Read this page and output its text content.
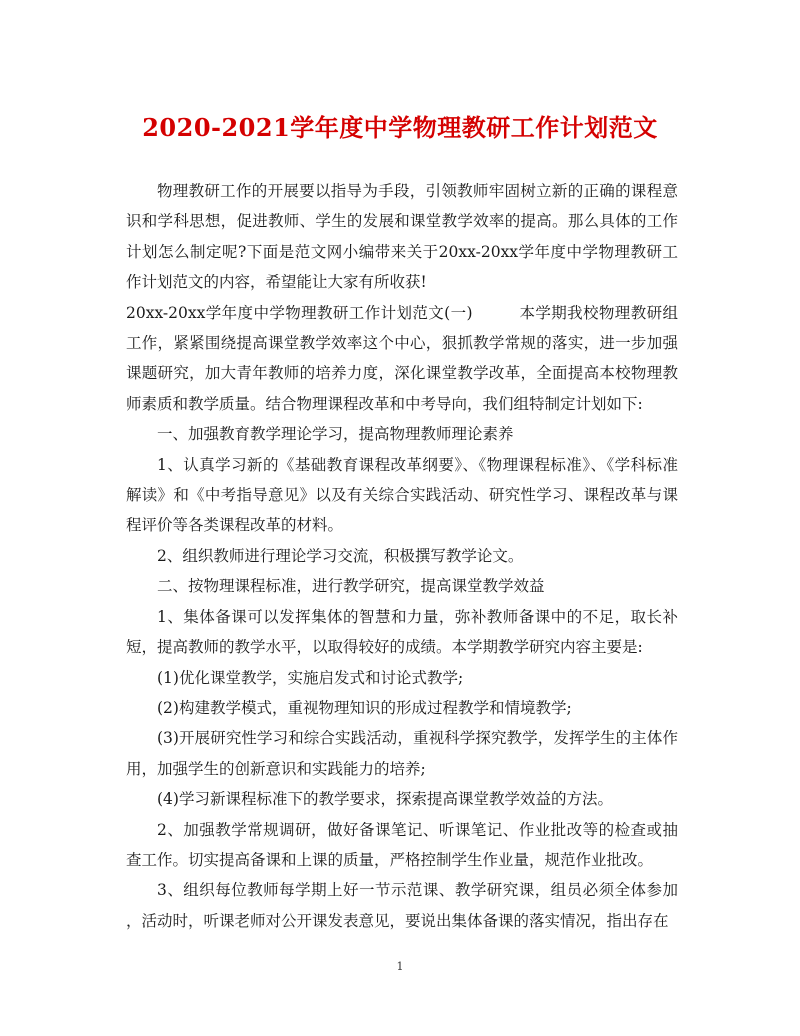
2020-2021学年度中学物理教研工作计划范文

物理教研工作的开展要以指导为手段，引领教师牢固树立新的正确的课程意识和学科思想，促进教师、学生的发展和课堂教学效率的提高。那么具体的工作计划怎么制定呢?下面是范文网小编带来关于20xx-20xx学年度中学物理教研工作计划范文的内容，希望能让大家有所收获!

20xx-20xx学年度中学物理教研工作计划范文(一)	本学期我校物理教研组工作，紧紧围绕提高课堂教学效率这个中心，狠抓教学常规的落实，进一步加强课题研究，加大青年教师的培养力度，深化课堂教学改革，全面提高本校物理教师素质和教学质量。结合物理课程改革和中考导向，我们组特制定计划如下:

一、加强教育教学理论学习，提高物理教师理论素养

1、认真学习新的《基础教育课程改革纲要》、《物理课程标准》、《学科标准解读》和《中考指导意见》以及有关综合实践活动、研究性学习、课程改革与课程评价等各类课程改革的材料。

2、组织教师进行理论学习交流，积极撰写教学论文。

二、按物理课程标准，进行教学研究，提高课堂教学效益

1、集体备课可以发挥集体的智慧和力量，弥补教师备课中的不足，取长补短，提高教师的教学水平，以取得较好的成绩。本学期教学研究内容主要是:

(1)优化课堂教学，实施启发式和讨论式教学;

(2)构建教学模式，重视物理知识的形成过程教学和情境教学;

(3)开展研究性学习和综合实践活动，重视科学探究教学，发挥学生的主体作用，加强学生的创新意识和实践能力的培养;

(4)学习新课程标准下的教学要求，探索提高课堂教学效益的方法。

2、加强教学常规调研，做好备课笔记、听课笔记、作业批改等的检查或抽查工作。切实提高备课和上课的质量，严格控制学生作业量，规范作业批改。

3、组织每位教师每学期上好一节示范课、教学研究课，组员必须全体参加，活动时，听课老师对公开课发表意见，要说出集体备课的落实情况，指出存在

1
